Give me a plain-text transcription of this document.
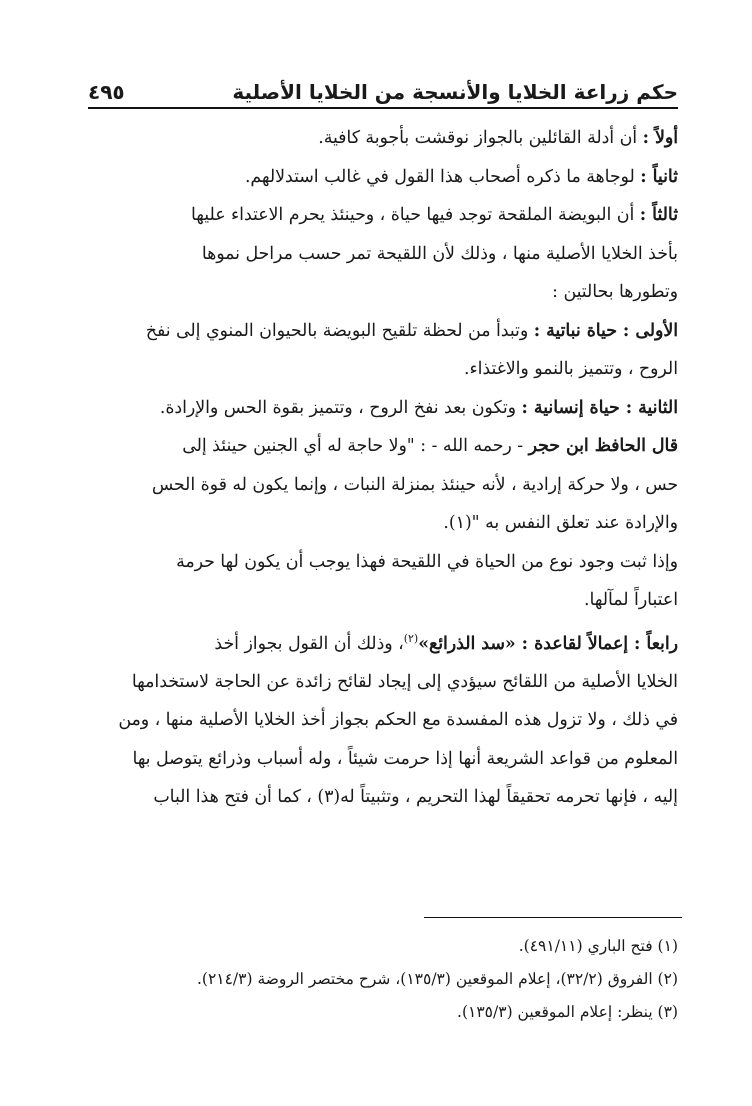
حكم زراعة الخلايا والأنسجة من الخلايا الأصلية
٤٩٥

أولاً : أن أدلة القائلين بالجواز نوقشت بأجوبة كافية.

ثانياً : لوجاهة ما ذكره أصحاب هذا القول في غالب استدلالهم.

ثالثاً : أن البويضة الملقحة توجد فيها حياة ، وحينئذ يحرم الاعتداء عليها
بأخذ الخلايا الأصلية منها ، وذلك لأن اللقيحة تمر حسب مراحل نموها
وتطورها بحالتين :

الأولى : حياة نباتية : وتبدأ من لحظة تلقيح البويضة بالحيوان المنوي إلى نفخ
الروح ، وتتميز بالنمو والاغتذاء.

الثانية : حياة إنسانية : وتكون بعد نفخ الروح ، وتتميز بقوة الحس والإرادة.

قال الحافظ ابن حجر - رحمه الله - : "ولا حاجة له أي الجنين حينئذ إلى
حس ، ولا حركة إرادية ، لأنه حينئذ بمنزلة النبات ، وإنما يكون له قوة الحس
والإرادة عند تعلق النفس به "(١).

وإذا ثبت وجود نوع من الحياة في اللقيحة فهذا يوجب أن يكون لها حرمة
اعتباراً لمآلها.

رابعاً : إعمالاً لقاعدة : «سد الذرائع»$^{(٢)}$، وذلك أن القول بجواز أخذ
الخلايا الأصلية من اللقائح سيؤدي إلى إيجاد لقائح زائدة عن الحاجة لاستخدامها
في ذلك ، ولا تزول هذه المفسدة مع الحكم بجواز أخذ الخلايا الأصلية منها ، ومن
المعلوم من قواعد الشريعة أنها إذا حرمت شيئاً ، وله أسباب وذرائع يتوصل بها
إليه ، فإنها تحرمه تحقيقاً لهذا التحريم ، وتثبيتاً له(٣) ، كما أن فتح هذا الباب

(١) فتح الباري (٤٩١/١١).
(٢) الفروق (٣٢/٢)، إعلام الموقعين (١٣٥/٣)، شرح مختصر الروضة (٢١٤/٣).
(٣) ينظر: إعلام الموقعين (١٣٥/٣).
